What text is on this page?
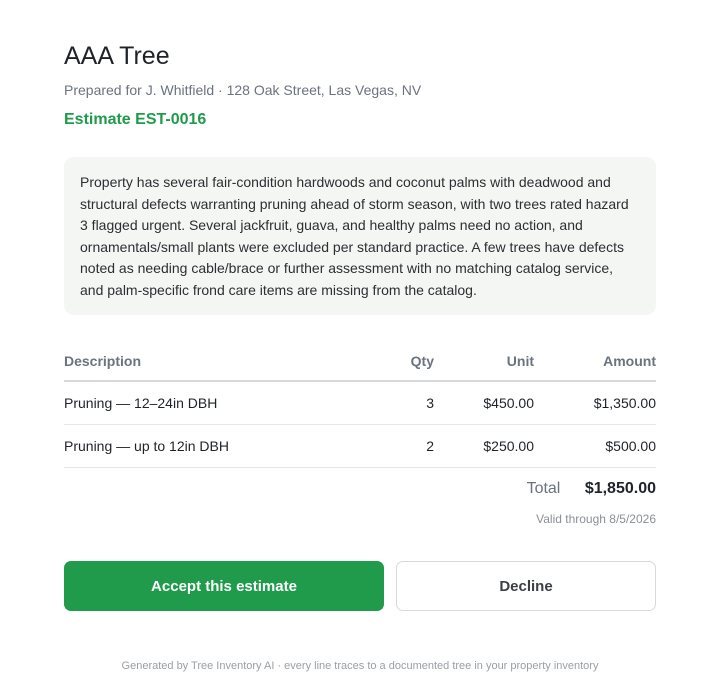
AAA Tree
Prepared for J. Whitfield · 128 Oak Street, Las Vegas, NV
Estimate EST-0016
Property has several fair-condition hardwoods and coconut palms with deadwood and structural defects warranting pruning ahead of storm season, with two trees rated hazard 3 flagged urgent. Several jackfruit, guava, and healthy palms need no action, and ornamentals/small plants were excluded per standard practice. A few trees have defects noted as needing cable/brace or further assessment with no matching catalog service, and palm-specific frond care items are missing from the catalog.
Description	Qty	Unit	Amount
Pruning — 12–24in DBH	3	$450.00	$1,350.00
Pruning — up to 12in DBH	2	$250.00	$500.00
Total $1,850.00
Valid through 8/5/2026
Accept this estimate	Decline
Generated by Tree Inventory AI · every line traces to a documented tree in your property inventory
